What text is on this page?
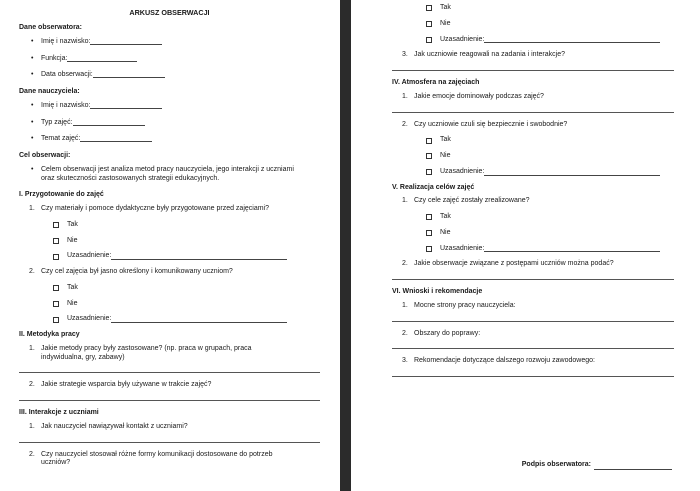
ARKUSZ OBSERWACJI
Dane obserwatora:
•	Imię i nazwisko:
•	Funkcja:
•	Data obserwacji:
Dane nauczyciela:
•	Imię i nazwisko:
•	Typ zajęć:
•	Temat zajęć:
Cel obserwacji:
•	Celem obserwacji jest analiza metod pracy nauczyciela, jego interakcji z uczniami
oraz skuteczności zastosowanych strategii edukacyjnych.
I. Przygotowanie do zajęć
1. Czy materiały i pomoce dydaktyczne były przygotowane przed zajęciami?
Tak
Nie
Uzasadnienie:
2. Czy cel zajęcia był jasno określony i komunikowany uczniom?
Tak
Nie
Uzasadnienie:
II. Metodyka pracy
1. Jakie metody pracy były zastosowane? (np. praca w grupach, praca
indywidualna, gry, zabawy)
2. Jakie strategie wsparcia były używane w trakcie zajęć?
III. Interakcje z uczniami
1. Jak nauczyciel nawiązywał kontakt z uczniami?
2. Czy nauczyciel stosował różne formy komunikacji dostosowane do potrzeb
uczniów?
Tak
Nie
Uzasadnienie:
3. Jak uczniowie reagowali na zadania i interakcje?
IV. Atmosfera na zajęciach
1. Jakie emocje dominowały podczas zajęć?
2. Czy uczniowie czuli się bezpiecznie i swobodnie?
Tak
Nie
Uzasadnienie:
V. Realizacja celów zajęć
1. Czy cele zajęć zostały zrealizowane?
Tak
Nie
Uzasadnienie:
2. Jakie obserwacje związane z postępami uczniów można podać?
VI. Wnioski i rekomendacje
1. Mocne strony pracy nauczyciela:
2. Obszary do poprawy:
3. Rekomendacje dotyczące dalszego rozwoju zawodowego:
Podpis obserwatora:
